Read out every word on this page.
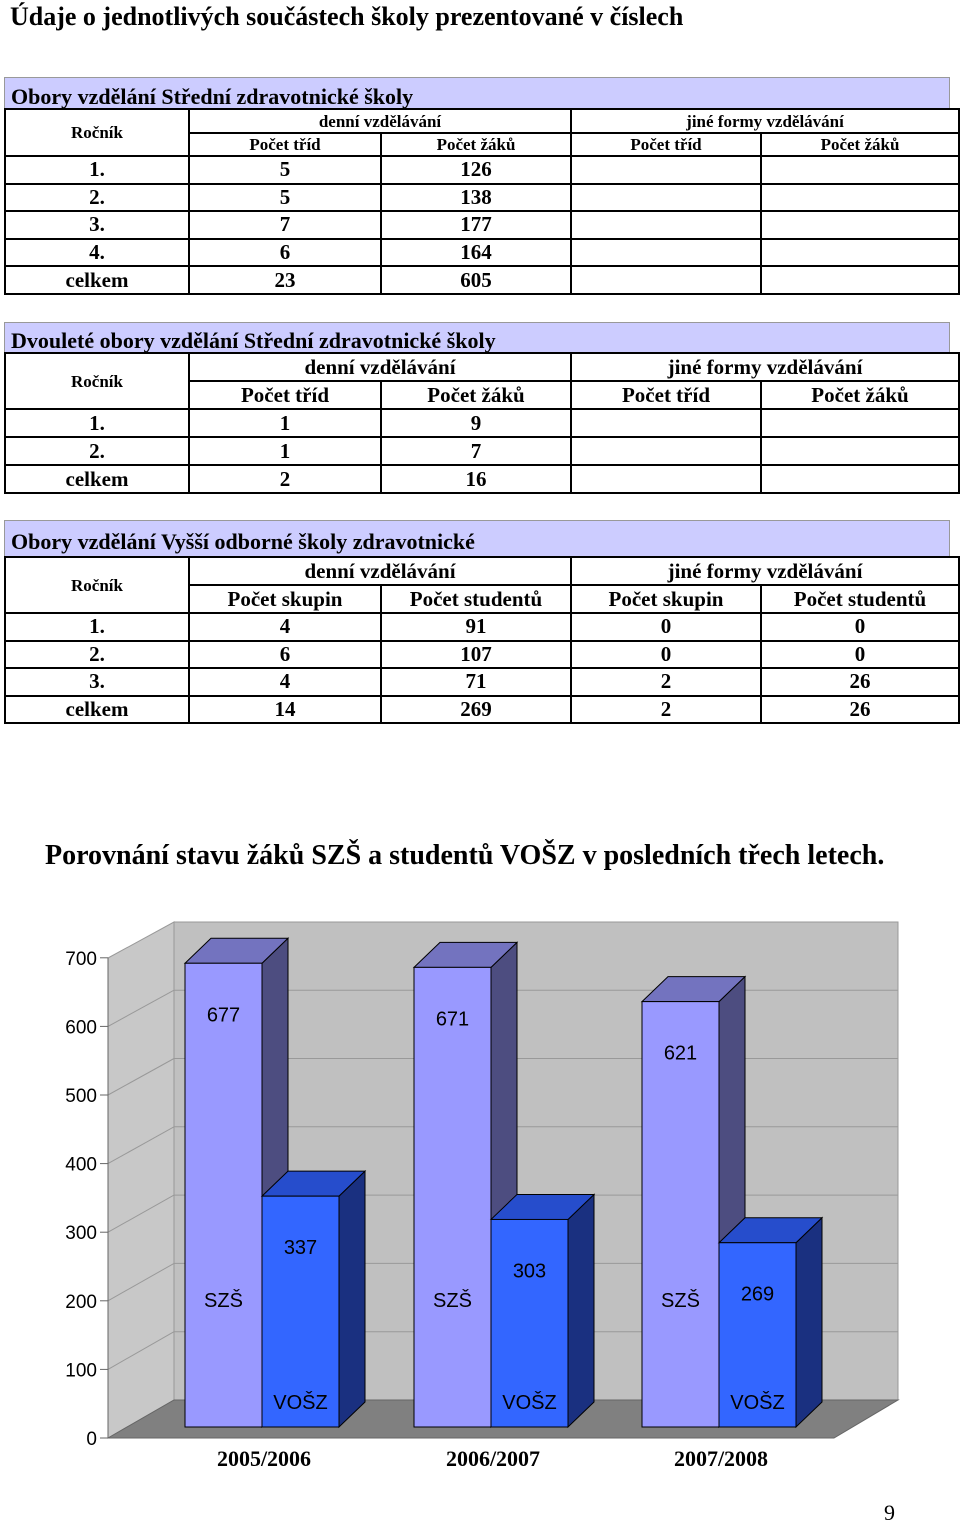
Údaje o jednotlivých součástech školy prezentované v číslech
Obory vzdělání Střední zdravotnické školy
Ročník	denní vzdělávání		jiné formy vzdělávání	
	Počet tříd	Počet žáků	Počet tříd	Počet žáků
1.	5	126		
2.	5	138		
3.	7	177		
4.	6	164		
celkem	23	605		
Dvouleté obory vzdělání Střední zdravotnické školy
Ročník	denní vzdělávání		jiné formy vzdělávání	
	Počet tříd	Počet žáků	Počet tříd	Počet žáků
1.	1	9		
2.	1	7		
celkem	2	16		
Obory vzdělání Vyšší odborné školy zdravotnické
Ročník	denní vzdělávání		jiné formy vzdělávání	
	Počet skupin	Počet studentů	Počet skupin	Počet studentů
1.	4	91	0	0
2.	6	107	0	0
3.	4	71	2	26
celkem	14	269	2	26
Porovnání stavu žáků SZŠ a studentů VOŠZ v posledních třech letech.
0
100
200
300
400
500
600
700
677
SZŠ
337
VOŠZ
2005/2006
671
SZŠ
303
VOŠZ
2006/2007
621
SZŠ 269
VOŠZ
2007/2008
9
